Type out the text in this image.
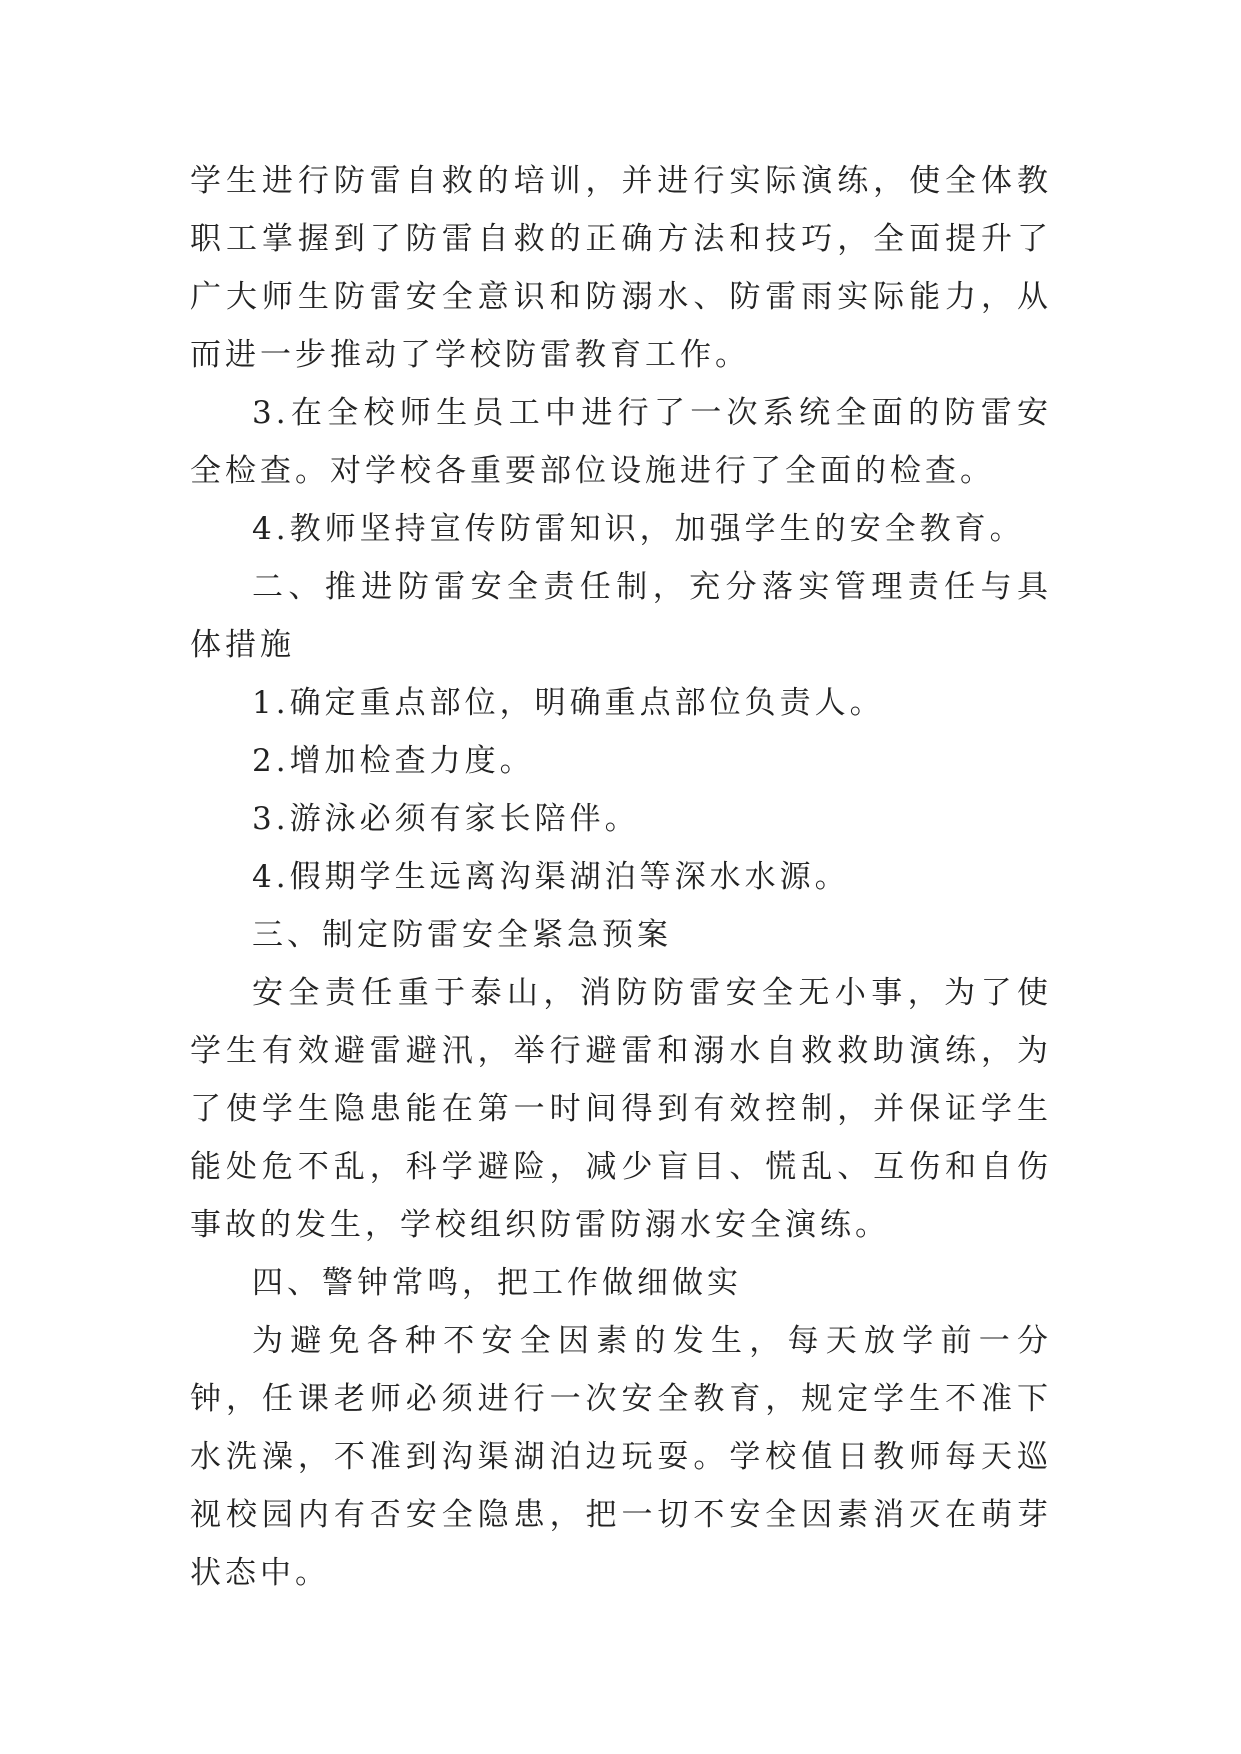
学生进行防雷自救的培训，并进行实际演练，使全体教职工掌握到了防雷自救的正确方法和技巧，全面提升了广大师生防雷安全意识和防溺水、防雷雨实际能力，从而进一步推动了学校防雷教育工作。

3.在全校师生员工中进行了一次系统全面的防雷安全检查。对学校各重要部位设施进行了全面的检查。

4.教师坚持宣传防雷知识，加强学生的安全教育。

二、推进防雷安全责任制，充分落实管理责任与具体措施

1.确定重点部位，明确重点部位负责人。

2.增加检查力度。

3.游泳必须有家长陪伴。

4.假期学生远离沟渠湖泊等深水水源。

三、制定防雷安全紧急预案

安全责任重于泰山，消防防雷安全无小事，为了使学生有效避雷避汛，举行避雷和溺水自救救助演练，为了使学生隐患能在第一时间得到有效控制，并保证学生能处危不乱，科学避险，减少盲目、慌乱、互伤和自伤事故的发生，学校组织防雷防溺水安全演练。

四、警钟常鸣，把工作做细做实

为避免各种不安全因素的发生，每天放学前一分钟，任课老师必须进行一次安全教育，规定学生不准下水洗澡，不准到沟渠湖泊边玩耍。学校值日教师每天巡视校园内有否安全隐患，把一切不安全因素消灭在萌芽状态中。
